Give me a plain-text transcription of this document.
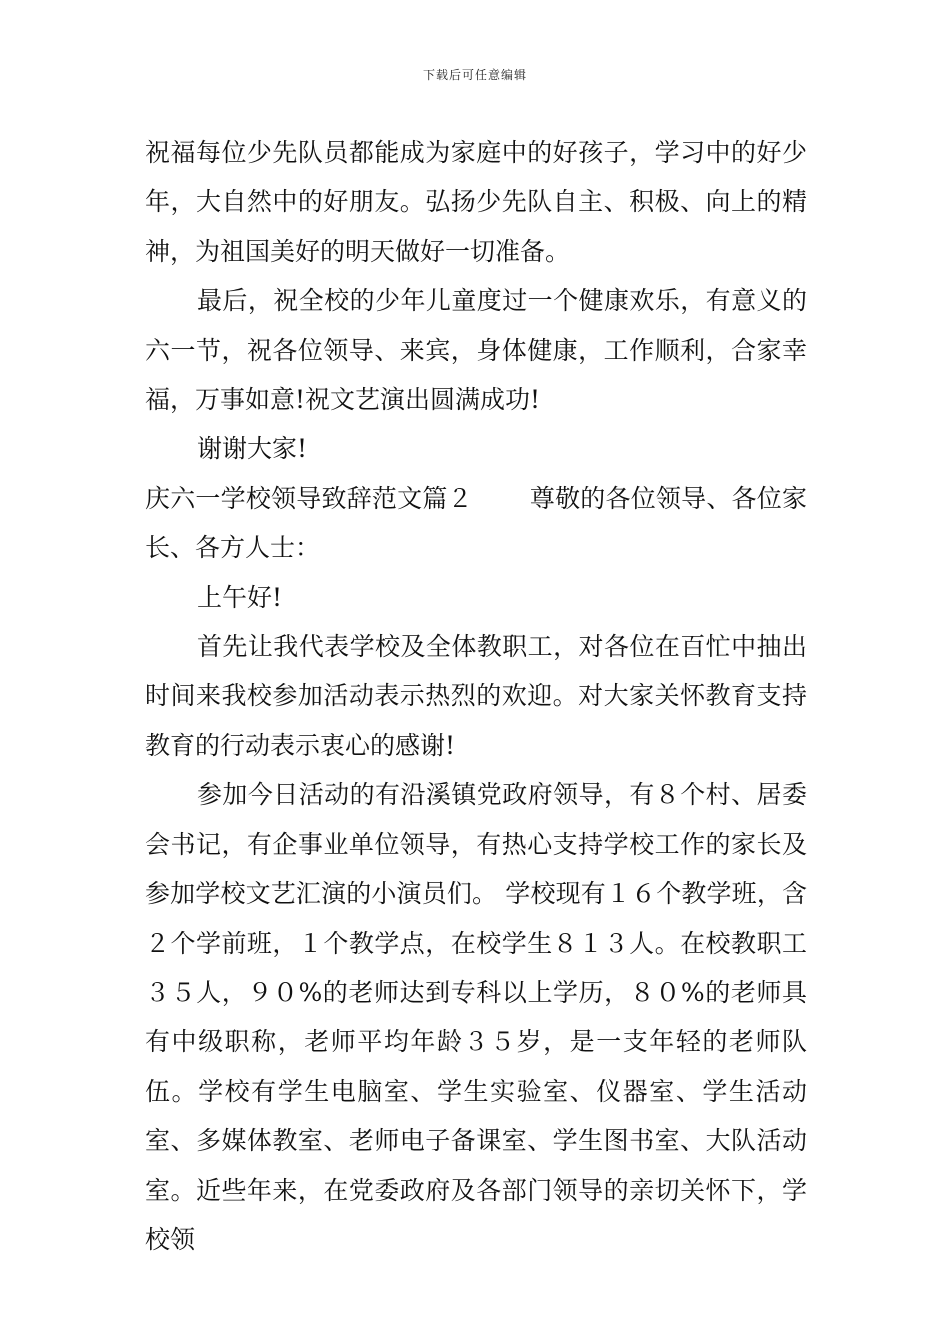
下载后可任意编辑

祝福每位少先队员都能成为家庭中的好孩子，学习中的好少年，大自然中的好朋友。弘扬少先队自主、积极、向上的精神，为祖国美好的明天做好一切准备。

最后，祝全校的少年儿童度过一个健康欢乐，有意义的六一节，祝各位领导、来宾，身体健康，工作顺利，合家幸福，万事如意!祝文艺演出圆满成功!

谢谢大家!

庆六一学校领导致辞范文篇２ 尊敬的各位领导、各位家长、各方人士：

上午好!

首先让我代表学校及全体教职工，对各位在百忙中抽出时间来我校参加活动表示热烈的欢迎。对大家关怀教育支持教育的行动表示衷心的感谢!

参加今日活动的有沿溪镇党政府领导，有８个村、居委会书记，有企事业单位领导，有热心支持学校工作的家长及参加学校文艺汇演的小演员们。 学校现有１６个教学班，含２个学前班，１个教学点，在校学生８１３人。在校教职工３５人，９０%的老师达到专科以上学历，８０%的老师具有中级职称，老师平均年龄３５岁，是一支年轻的老师队伍。学校有学生电脑室、学生实验室、仪器室、学生活动室、多媒体教室、老师电子备课室、学生图书室、大队活动室。近些年来，在党委政府及各部门领导的亲切关怀下，学校领
